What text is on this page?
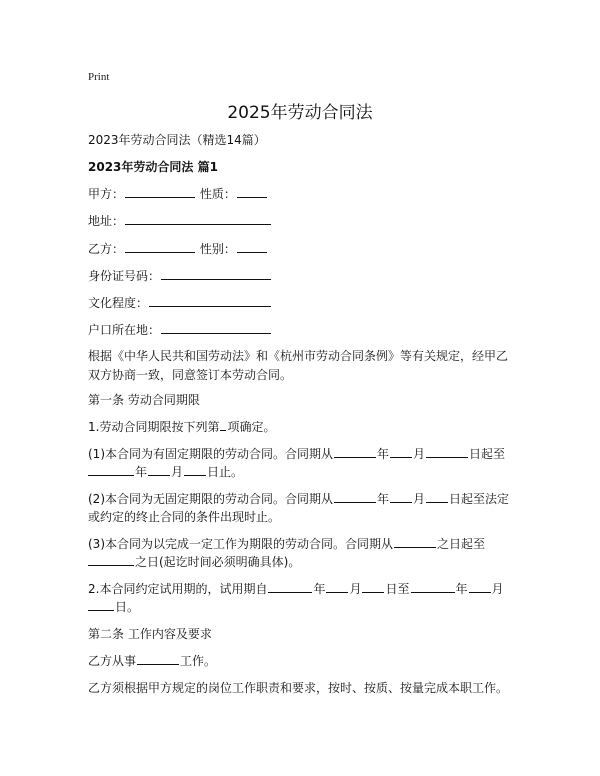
Print
2025年劳动合同法
2023年劳动合同法（精选14篇）
2023年劳动合同法 篇1
甲方：	性质：
地址：
乙方：	性别：
身份证号码：
文化程度：
户口所在地：
根据《中华人民共和国劳动法》和《杭州市劳动合同条例》等有关规定，经甲乙双方协商一致，同意签订本劳动合同。
第一条 劳动合同期限
1.劳动合同期限按下列第 项确定。
(1)本合同为有固定期限的劳动合同。合同期从	年 月	日起至
年 月 日止。
(2)本合同为无固定期限的劳动合同。合同期从	年 月 日起至法定
或约定的终止合同的条件出现时止。
(3)本合同为以完成一定工作为期限的劳动合同。合同期从	之日起至
之日(起讫时间必须明确具体)。
2.本合同约定试用期的，试用期自	年 月 日至	年 月
日。
第二条 工作内容及要求
乙方从事	工作。
乙方须根据甲方规定的岗位工作职责和要求，按时、按质、按量完成本职工作。
